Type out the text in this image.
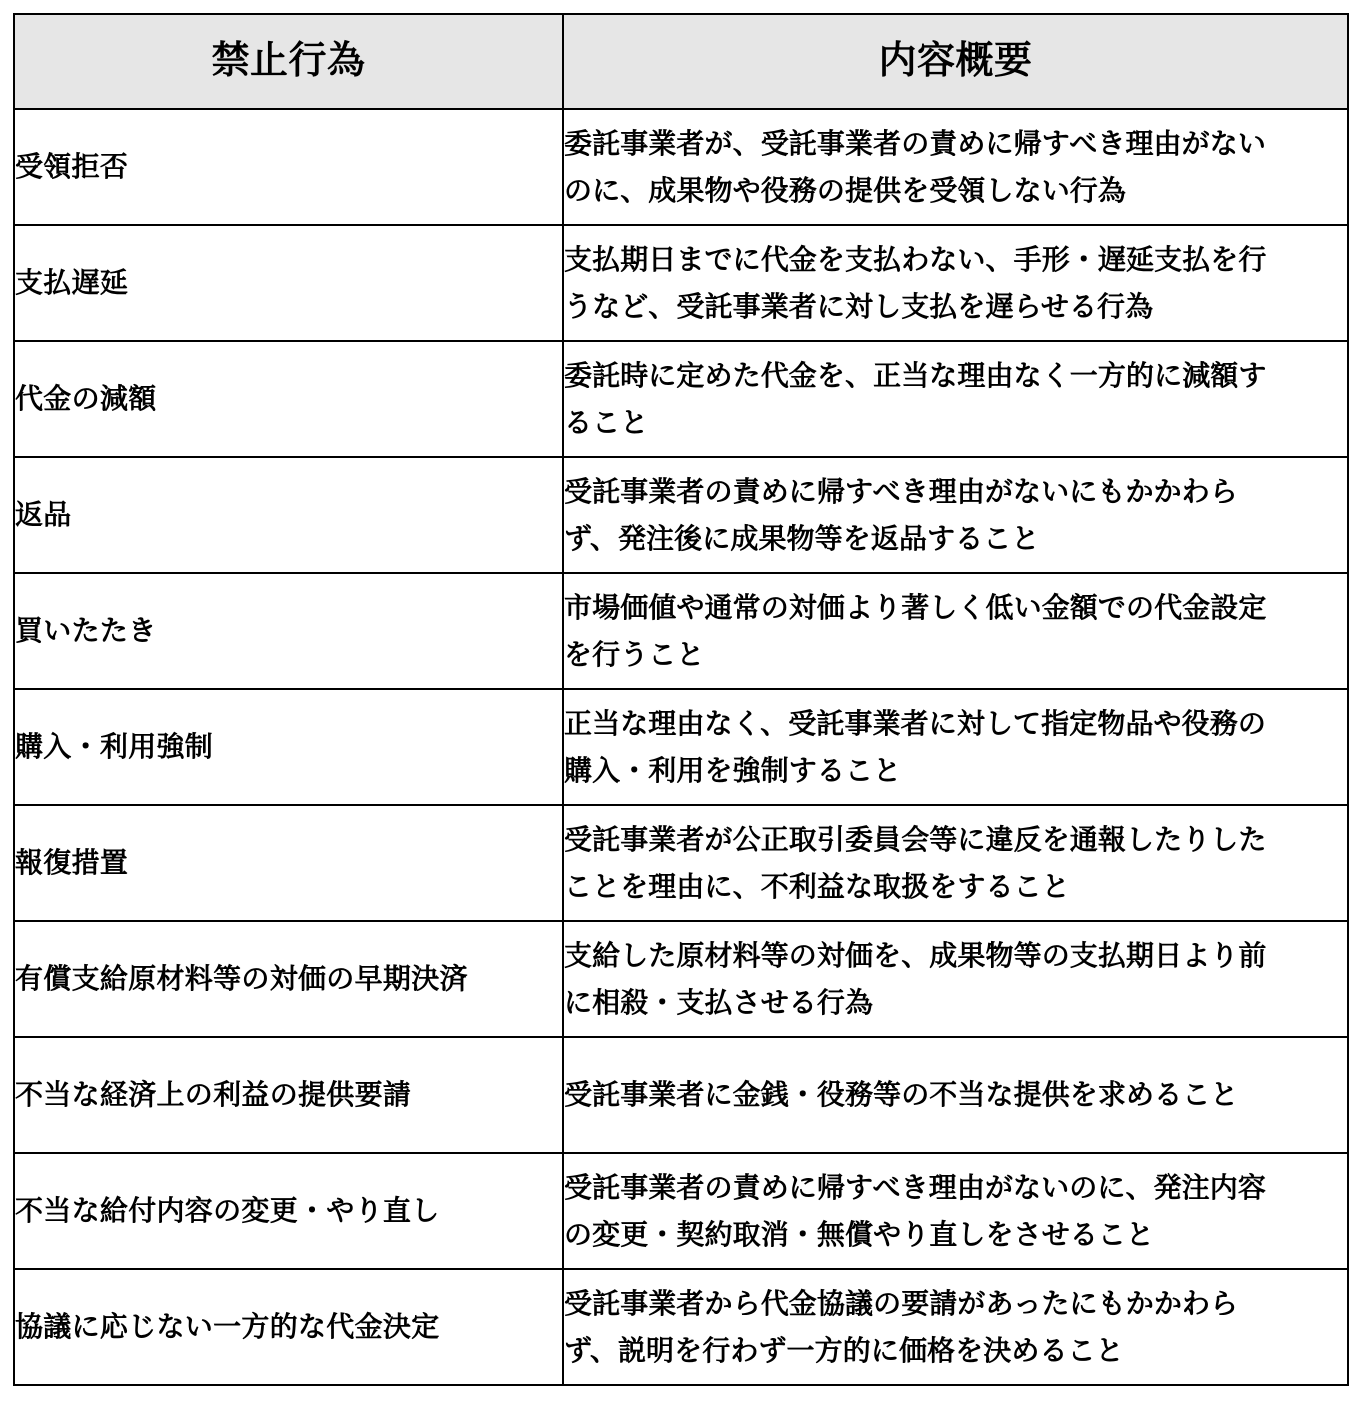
禁止行為	内容概要
受領拒否	委託事業者が、受託事業者の責めに帰すべき理由がない
のに、成果物や役務の提供を受領しない行為

支払遅延	支払期日までに代金を支払わない、手形・遅延支払を行
うなど、受託事業者に対し支払を遅らせる行為

代金の減額	委託時に定めた代金を、正当な理由なく一方的に減額す
ること

返品	受託事業者の責めに帰すべき理由がないにもかかわら
ず、発注後に成果物等を返品すること

買いたたき	市場価値や通常の対価より著しく低い金額での代金設定
を行うこと

購入・利用強制	正当な理由なく、受託事業者に対して指定物品や役務の
購入・利用を強制すること

報復措置	受託事業者が公正取引委員会等に違反を通報したりした
ことを理由に、不利益な取扱をすること

有償支給原材料等の対価の早期決済	支給した原材料等の対価を、成果物等の支払期日より前
に相殺・支払させる行為

不当な経済上の利益の提供要請	受託事業者に金銭・役務等の不当な提供を求めること

不当な給付内容の変更・やり直し	受託事業者の責めに帰すべき理由がないのに、発注内容
の変更・契約取消・無償やり直しをさせること

協議に応じない一方的な代金決定	受託事業者から代金協議の要請があったにもかかわら
ず、説明を行わず一方的に価格を決めること
